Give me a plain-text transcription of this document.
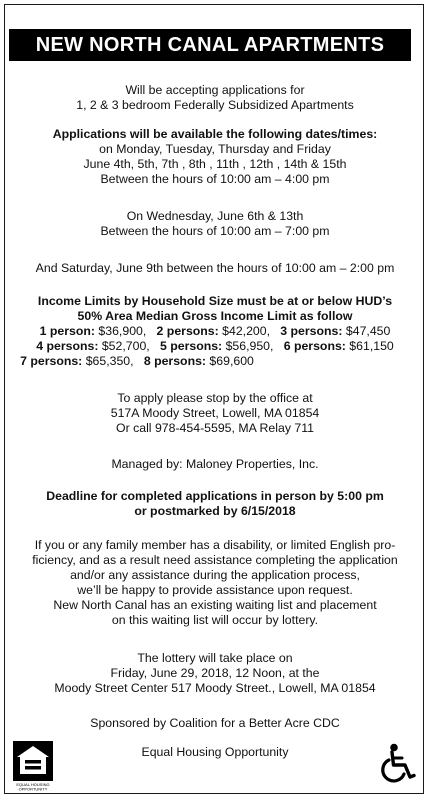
NEW NORTH CANAL APARTMENTS
Will be accepting applications for
1, 2 & 3 bedroom Federally Subsidized Apartments
Applications will be available the following dates/times:
on Monday, Tuesday, Thursday and Friday
June 4th, 5th, 7th , 8th , 11th , 12th , 14th & 15th
Between the hours of 10:00 am – 4:00 pm
On Wednesday, June 6th & 13th
Between the hours of 10:00 am – 7:00 pm
And Saturday, June 9th between the hours of 10:00 am – 2:00 pm
Income Limits by Household Size must be at or below HUD’s
50% Area Median Gross Income Limit as follow
1 person: $36,900, 2 persons: $42,200, 3 persons: $47,450
4 persons: $52,700, 5 persons: $56,950, 6 persons: $61,150
7 persons: $65,350, 8 persons: $69,600
To apply please stop by the office at
517A Moody Street, Lowell, MA 01854
Or call 978-454-5595, MA Relay 711
Managed by: Maloney Properties, Inc.
Deadline for completed applications in person by 5:00 pm
or postmarked by 6/15/2018
If you or any family member has a disability, or limited English pro-
ficiency, and as a result need assistance completing the application
and/or any assistance during the application process,
we’ll be happy to provide assistance upon request.
New North Canal has an existing waiting list and placement
on this waiting list will occur by lottery.
The lottery will take place on
Friday, June 29, 2018, 12 Noon, at the
Moody Street Center 517 Moody Street., Lowell, MA 01854
Sponsored by Coalition for a Better Acre CDC
Equal Housing Opportunity
EQUAL HOUSING
OPPORTUNITY
